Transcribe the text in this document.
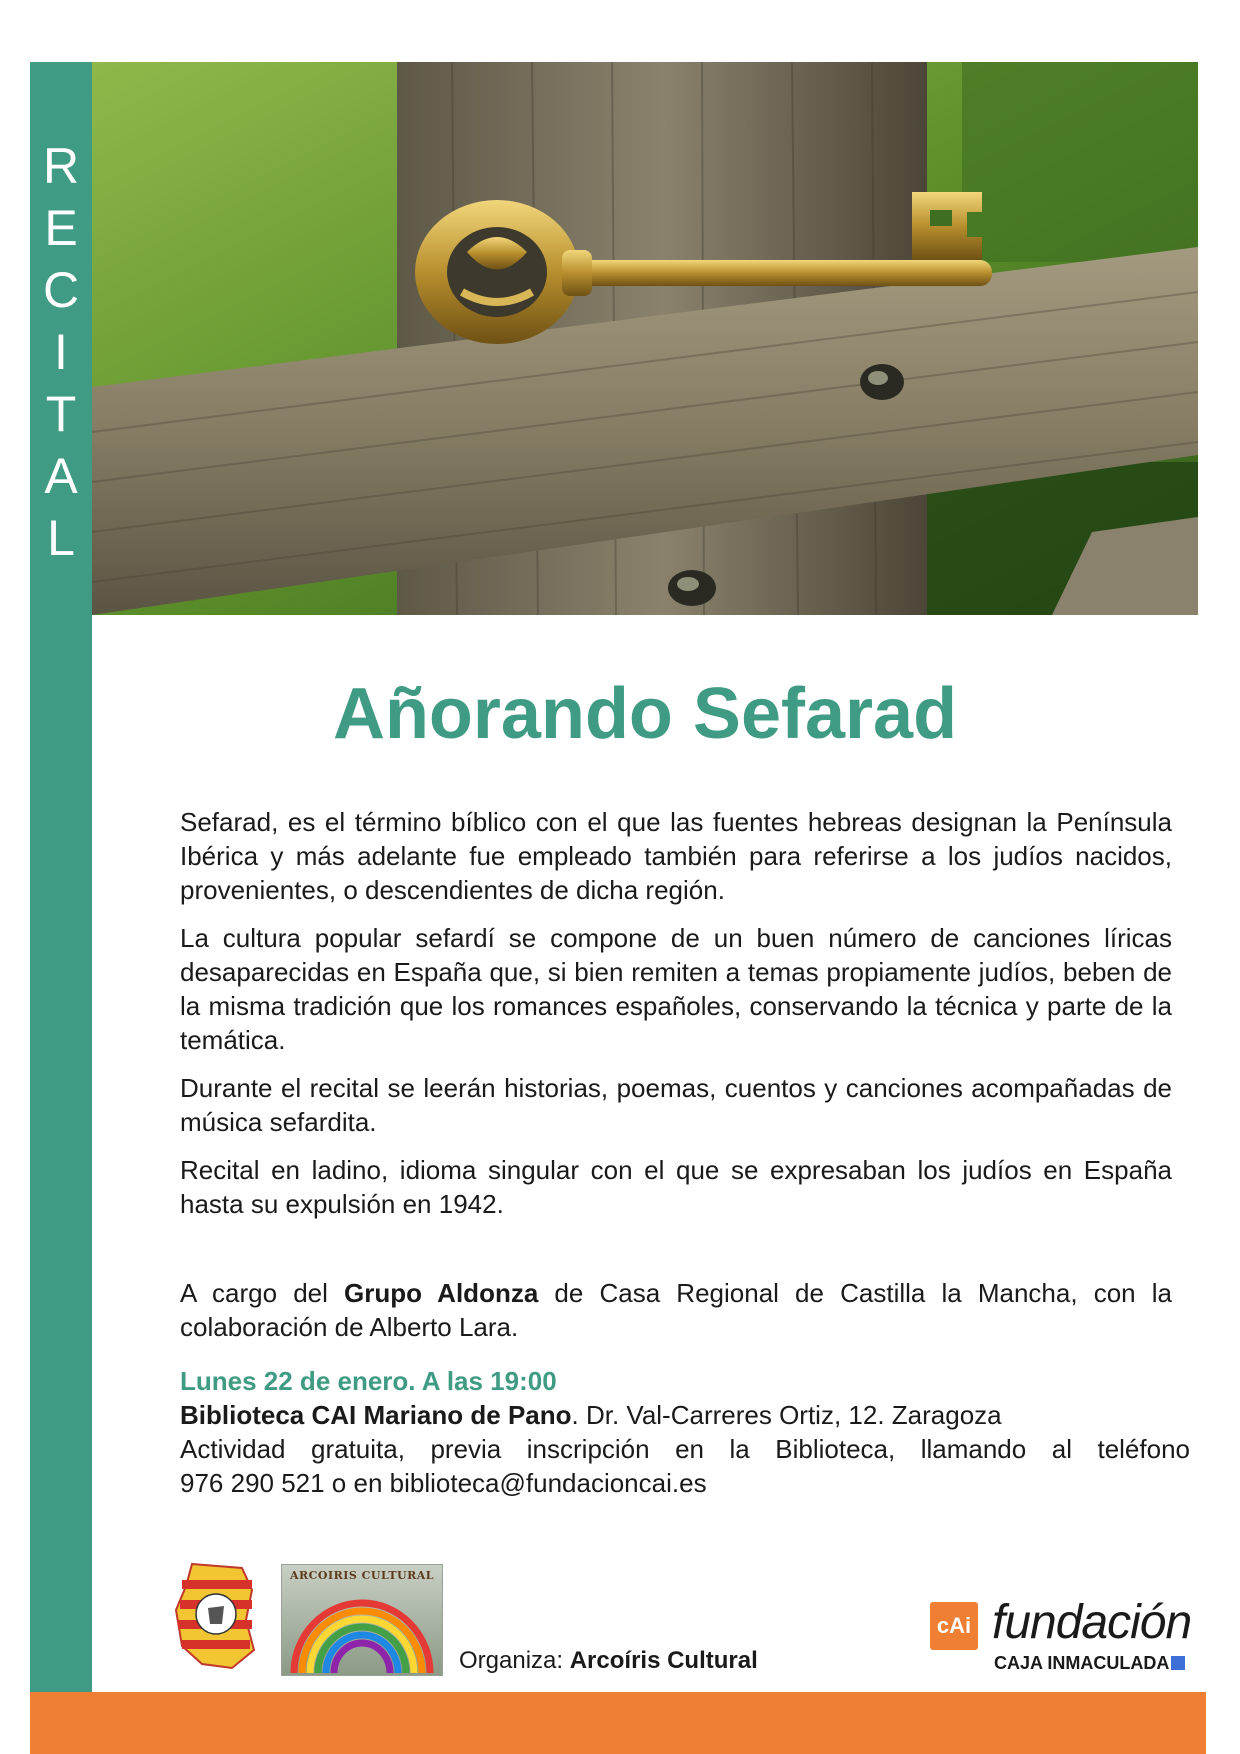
R
E
C
I
T
A
L
Añorando Sefarad

Sefarad, es el término bíblico con el que las fuentes hebreas designan la Península Ibérica y más adelante fue empleado también para referirse a los judíos nacidos, provenientes, o descendientes de dicha región.

La cultura popular sefardí se compone de un buen número de canciones líricas desaparecidas en España que, si bien remiten a temas propiamente judíos, beben de la misma tradición que los romances españoles, conservando la técnica y parte de la temática.

Durante el recital se leerán historias, poemas, cuentos y canciones acompañadas de música sefardita.

Recital en ladino, idioma singular con el que se expresaban los judíos en España hasta su expulsión en 1942.

A cargo del Grupo Aldonza de Casa Regional de Castilla la Mancha, con la colaboración de Alberto Lara.
Lunes 22 de enero. A las 19:00
Biblioteca CAI Mariano de Pano. Dr. Val-Carreres Ortiz, 12. Zaragoza
Actividad gratuita, previa inscripción en la Biblioteca, llamando al teléfono
976 290 521 o en biblioteca@fundacioncai.es
ARCOIRIS CULTURAL
Organiza: Arcoíris Cultural
cAi fundación
CAJA INMACULADA
